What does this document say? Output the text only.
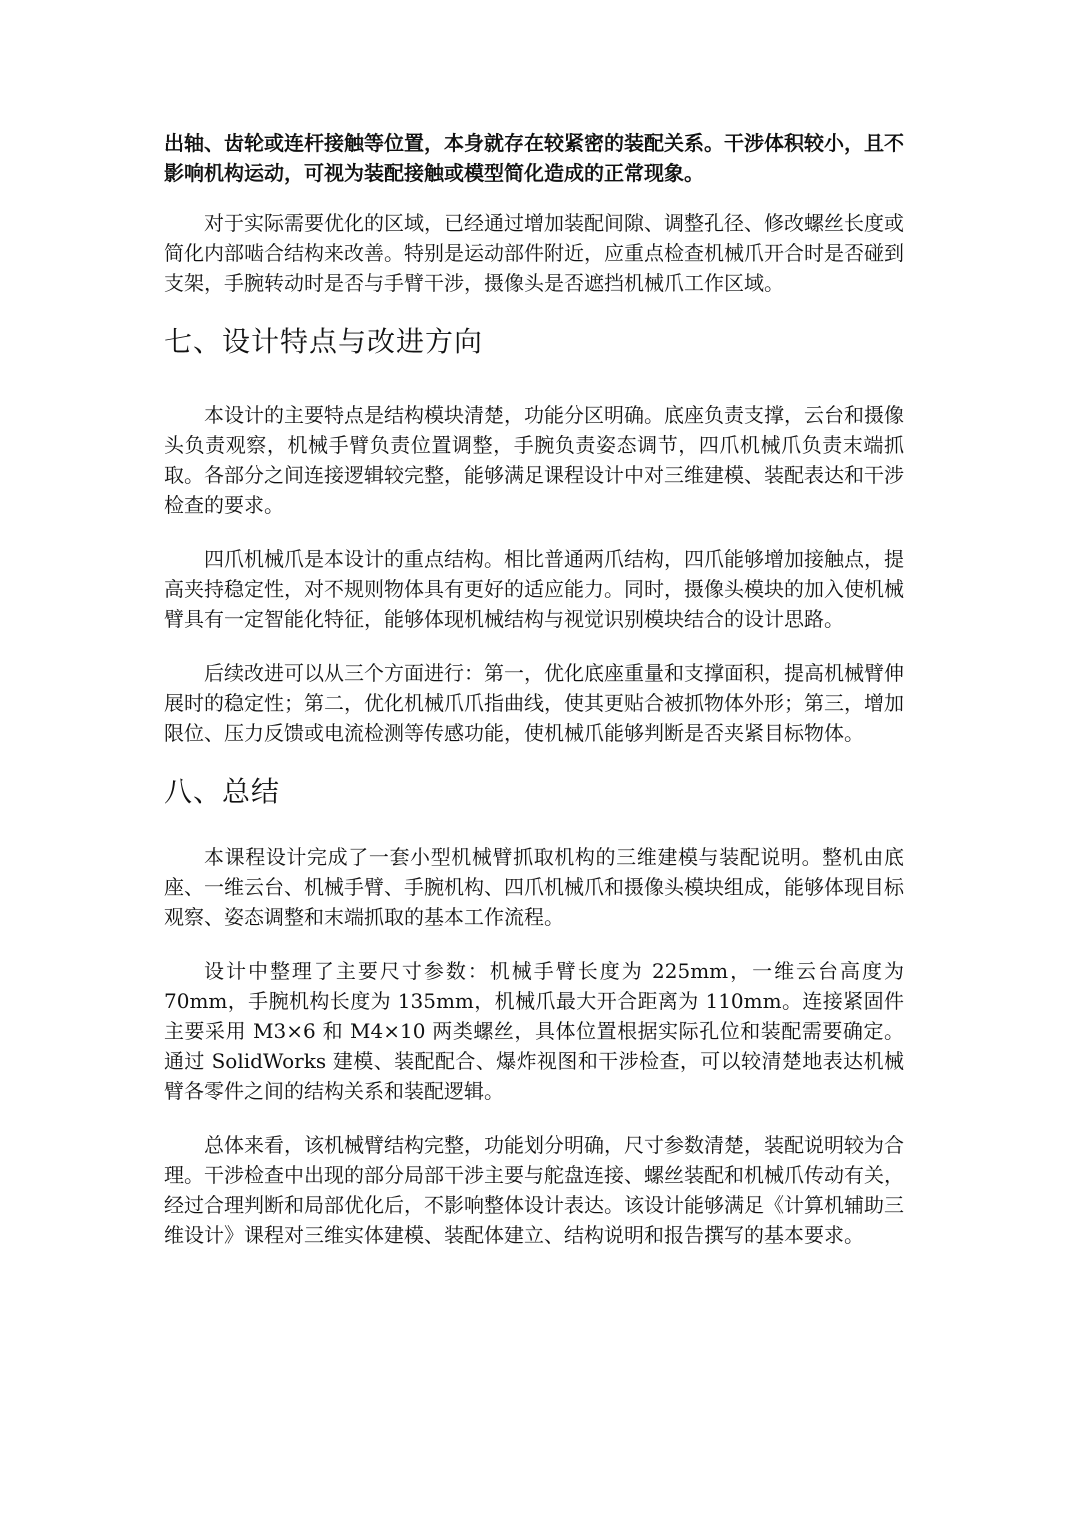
出轴、齿轮或连杆接触等位置，本身就存在较紧密的装配关系。干涉体积较小，且不影响机构运动，可视为装配接触或模型简化造成的正常现象。

对于实际需要优化的区域，已经通过增加装配间隙、调整孔径、修改螺丝长度或简化内部啮合结构来改善。特别是运动部件附近，应重点检查机械爪开合时是否碰到支架，手腕转动时是否与手臂干涉，摄像头是否遮挡机械爪工作区域。

七、设计特点与改进方向

本设计的主要特点是结构模块清楚，功能分区明确。底座负责支撑，云台和摄像头负责观察，机械手臂负责位置调整，手腕负责姿态调节，四爪机械爪负责末端抓取。各部分之间连接逻辑较完整，能够满足课程设计中对三维建模、装配表达和干涉检查的要求。

四爪机械爪是本设计的重点结构。相比普通两爪结构，四爪能够增加接触点，提高夹持稳定性，对不规则物体具有更好的适应能力。同时，摄像头模块的加入使机械臂具有一定智能化特征，能够体现机械结构与视觉识别模块结合的设计思路。

后续改进可以从三个方面进行：第一，优化底座重量和支撑面积，提高机械臂伸展时的稳定性；第二，优化机械爪爪指曲线，使其更贴合被抓物体外形；第三，增加限位、压力反馈或电流检测等传感功能，使机械爪能够判断是否夹紧目标物体。

八、总结

本课程设计完成了一套小型机械臂抓取机构的三维建模与装配说明。整机由底座、一维云台、机械手臂、手腕机构、四爪机械爪和摄像头模块组成，能够体现目标观察、姿态调整和末端抓取的基本工作流程。

设计中整理了主要尺寸参数：机械手臂长度为 225mm，一维云台高度为 70mm，手腕机构长度为 135mm，机械爪最大开合距离为 110mm。连接紧固件主要采用 M3×6 和 M4×10 两类螺丝，具体位置根据实际孔位和装配需要确定。通过 SolidWorks 建模、装配配合、爆炸视图和干涉检查，可以较清楚地表达机械臂各零件之间的结构关系和装配逻辑。

总体来看，该机械臂结构完整，功能划分明确，尺寸参数清楚，装配说明较为合理。干涉检查中出现的部分局部干涉主要与舵盘连接、螺丝装配和机械爪传动有关，经过合理判断和局部优化后，不影响整体设计表达。该设计能够满足《计算机辅助三维设计》课程对三维实体建模、装配体建立、结构说明和报告撰写的基本要求。
